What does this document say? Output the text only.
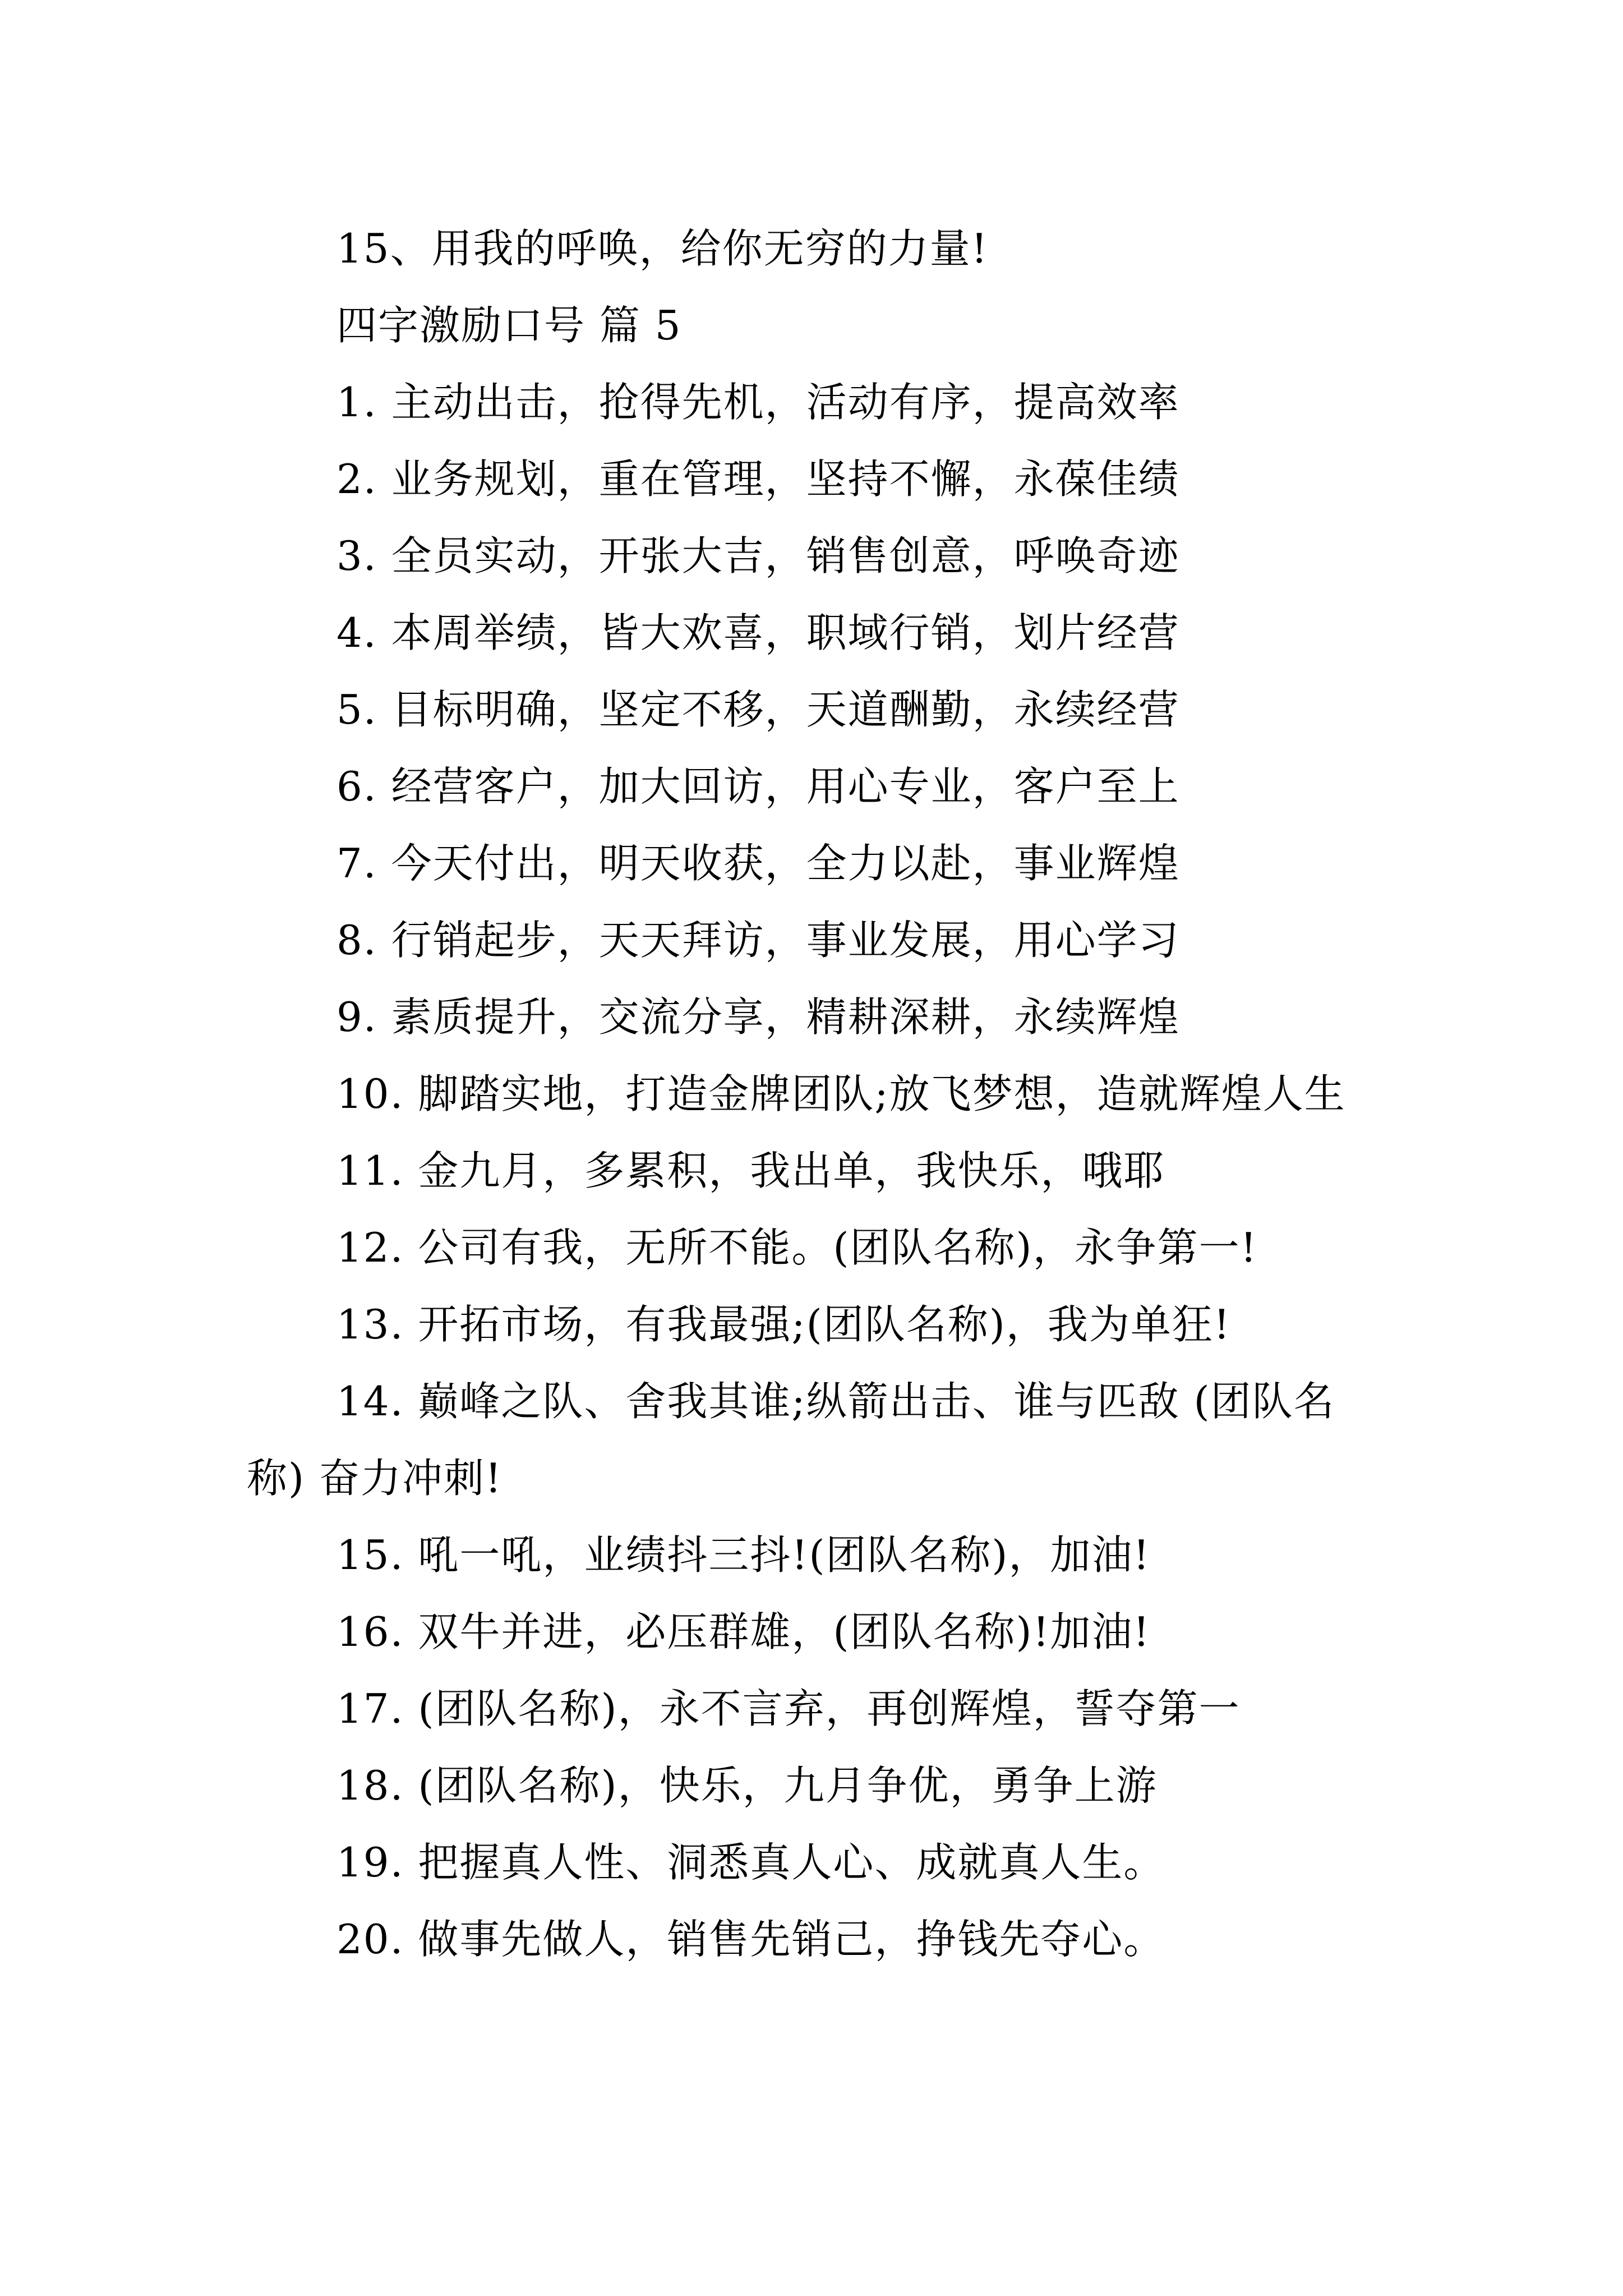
15、用我的呼唤，给你无穷的力量!

四字激励口号 篇 5

1. 主动出击，抢得先机，活动有序，提高效率

2. 业务规划，重在管理，坚持不懈，永葆佳绩

3. 全员实动，开张大吉，销售创意，呼唤奇迹

4. 本周举绩，皆大欢喜，职域行销，划片经营

5. 目标明确，坚定不移，天道酬勤，永续经营

6. 经营客户，加大回访，用心专业，客户至上

7. 今天付出，明天收获，全力以赴，事业辉煌

8. 行销起步，天天拜访，事业发展，用心学习

9. 素质提升，交流分享，精耕深耕，永续辉煌

10. 脚踏实地，打造金牌团队;放飞梦想，造就辉煌人生

11. 金九月，多累积，我出单，我快乐，哦耶

12. 公司有我，无所不能。(团队名称)，永争第一!

13. 开拓市场，有我最强;(团队名称)，我为单狂!

14. 巅峰之队、舍我其谁;纵箭出击、谁与匹敌 (团队名称) 奋力冲刺!

15. 吼一吼，业绩抖三抖!(团队名称)，加油!

16. 双牛并进，必压群雄，(团队名称)!加油!

17. (团队名称)，永不言弃，再创辉煌，誓夺第一

18. (团队名称)，快乐，九月争优，勇争上游

19. 把握真人性、洞悉真人心、成就真人生。

20. 做事先做人，销售先销己，挣钱先夺心。
